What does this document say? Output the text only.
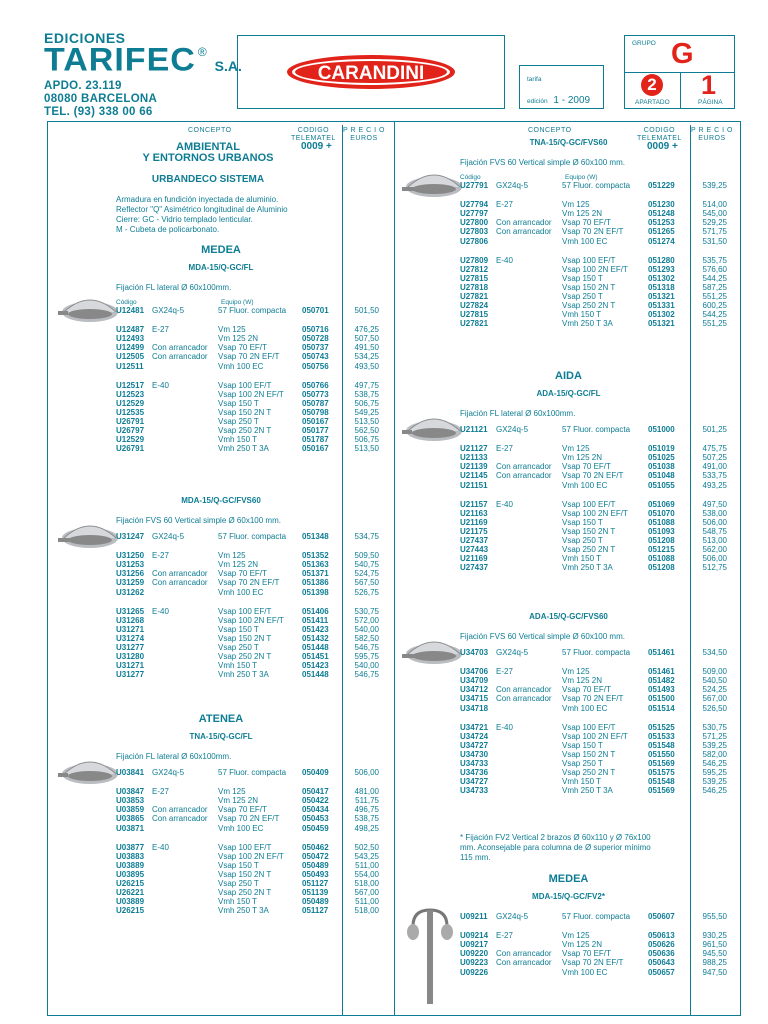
EDICIONES
TARIFEC ®S.A.
APDO. 23.119
08080 BARCELONA
TEL. (93) 338 00 66
CARANDINI	tarifa
edición 1 - 2009
GRUPO G
2
APARTADO
1
PÁGINA
CONCEPTO	CODIGO
TELEMATEL
P R E C I O
EUROS
0009 +
AMBIENTAL
Y ENTORNOS URBANOS
URBANDECO SISTEMA
Armadura en fundición inyectada de aluminio.
Reflector "Q" Asimétrico longitudinal de Aluminio
Cierre: GC - Vidrio templado lenticular.
M - Cubeta de policarbonato.
MEDEA
MDA-15/Q-GC/FL
Fijación FL lateral Ø 60x100mm.
Código	Equipo (W)
U12481 GX24q-5	57 Fluor. compacta 050701	501,50
U12487 E-27	Vm 125	050716	476,25
U12493	Vm 125 2N	050728	507,50
U12499 Con arrancador Vsap 70 EF/T	050737	491,50
U12505 Con arrancador Vsap 70 2N EF/T	050743	534,25
U12511	Vmh 100 EC	050756	493,50
U12517 E-40	Vsap 100 EF/T	050766	497,75
U12523	Vsap 100 2N EF/T 050773	538,75
U12529	Vsap 150 T	050787	506,75
U12535	Vsap 150 2N T	050798	549,25
U26791	Vsap 250 T	050167	513,50
U26797	Vsap 250 2N T	050177	562,50
U12529	Vmh 150 T	051787	506,75
U26791	Vmh 250 T 3A	050167	513,50
MDA-15/Q-GC/FVS60
Fijación FVS 60 Vertical simple Ø 60x100 mm.
U31247 GX24q-5	57 Fluor. compacta 051348	534,75
U31250 E-27	Vm 125	051352	509,50
U31253	Vm 125 2N	051363	540,75
U31256 Con arrancador Vsap 70 EF/T	051371	524,75
U31259 Con arrancador Vsap 70 2N EF/T	051386	567,50
U31262	Vmh 100 EC	051398	526,75
U31265 E-40	Vsap 100 EF/T	051406	530,75
U31268	Vsap 100 2N EF/T 051411	572,00
U31271	Vsap 150 T	051423	540,00
U31274	Vsap 150 2N T	051432	582,50
U31277	Vsap 250 T	051448	546,75
U31280	Vsap 250 2N T	051451	595,75
U31271	Vmh 150 T	051423	540,00
U31277	Vmh 250 T 3A	051448	546,75
ATENEA
TNA-15/Q-GC/FL
Fijación FL lateral Ø 60x100mm.
U03841 GX24q-5	57 Fluor. compacta 050409	506,00
U03847 E-27	Vm 125	050417	481,00
U03853	Vm 125 2N	050422	511,75
U03859 Con arrancador Vsap 70 EF/T	050434	496,75
U03865 Con arrancador Vsap 70 2N EF/T	050453	538,75
U03871	Vmh 100 EC	050459	498,25
U03877 E-40	Vsap 100 EF/T	050462	502,50
U03883	Vsap 100 2N EF/T 050472	543,25
U03889	Vsap 150 T	050489	511,00
U03895	Vsap 150 2N T	050493	554,00
U26215	Vsap 250 T	051127	518,00
U26221	Vsap 250 2N T	051139	567,00
U03889	Vmh 150 T	050489	511,00
U26215	Vmh 250 T 3A	051127	518,00
CONCEPTO	CODIGO
TELEMATEL
P R E C I O
EUROS
0009 +
TNA-15/Q-GC/FVS60
Fijación FVS 60 Vertical simple Ø 60x100 mm.
Código	Equipo (W)
U27791 GX24q-5	57 Fluor. compacta 051229	539,25
U27794 E-27	Vm 125	051230	514,00
U27797	Vm 125 2N	051248	545,00
U27800 Con arrancador Vsap 70 EF/T	051253	529,25
U27803 Con arrancador Vsap 70 2N EF/T	051265	571,75
U27806	Vmh 100 EC	051274	531,50
U27809 E-40	Vsap 100 EF/T	051280	535,75
U27812	Vsap 100 2N EF/T	051293	576,60
U27815	Vsap 150 T	051302	544,25
U27818	Vsap 150 2N T	051318	587,25
U27821	Vsap 250 T	051321	551,25
U27824	Vsap 250 2N T	051331	600,25
U27815	Vmh 150 T	051302	544,25
U27821	Vmh 250 T 3A	051321	551,25
AIDA
ADA-15/Q-GC/FL
Fijación FL lateral Ø 60x100mm.
U21121 GX24q-5	57 Fluor. compacta 051000	501,25
U21127 E-27	Vm 125	051019	475,75
U21133	Vm 125 2N	051025	507,25
U21139 Con arrancador Vsap 70 EF/T	051038	491,00
U21145 Con arrancador Vsap 70 2N EF/T	051048	533,75
U21151	Vmh 100 EC	051055	493,25
U21157 E-40	Vsap 100 EF/T	051069	497,50
U21163	Vsap 100 2N EF/T	051070	538,00
U21169	Vsap 150 T	051088	506,00
U21175	Vsap 150 2N T	051093	548,75
U27437	Vsap 250 T	051208	513,00
U27443	Vsap 250 2N T	051215	562,00
U21169	Vmh 150 T	051088	506,00
U27437	Vmh 250 T 3A	051208	512,75
ADA-15/Q-GC/FVS60
Fijación FVS 60 Vertical simple Ø 60x100 mm.
U34703 GX24q-5	57 Fluor. compacta 051461	534,50
U34706 E-27	Vm 125	051461	509,00
U34709	Vm 125 2N	051482	540,50
U34712 Con arrancador Vsap 70 EF/T	051493	524,25
U34715 Con arrancador Vsap 70 2N EF/T	051500	567,00
U34718	Vmh 100 EC	051514	526,50
U34721 E-40	Vsap 100 EF/T	051525	530,75
U34724	Vsap 100 2N EF/T	051533	571,25
U34727	Vsap 150 T	051548	539,25
U34730	Vsap 150 2N T	051550	582,00
U34733	Vsap 250 T	051569	546,25
U34736	Vsap 250 2N T	051575	595,25
U34727	Vmh 150 T	051548	539,25
U34733	Vmh 250 T 3A	051569	546,25
* Fijación FV2 Vertical 2 brazos Ø 60x110 y Ø 76x100 mm. Aconsejable para columna de Ø superior mínimo 115 mm.
MEDEA
MDA-15/Q-GC/FV2*
U09211 GX24q-5	57 Fluor. compacta 050607	955,50
U09214 E-27	Vm 125	050613	930,25
U09217	Vm 125 2N	050626	961,50
U09220 Con arrancador Vsap 70 EF/T	050636	945,50
U09223 Con arrancador Vsap 70 2N EF/T	050643	988,25
U09226	Vmh 100 EC	050657	947,50
